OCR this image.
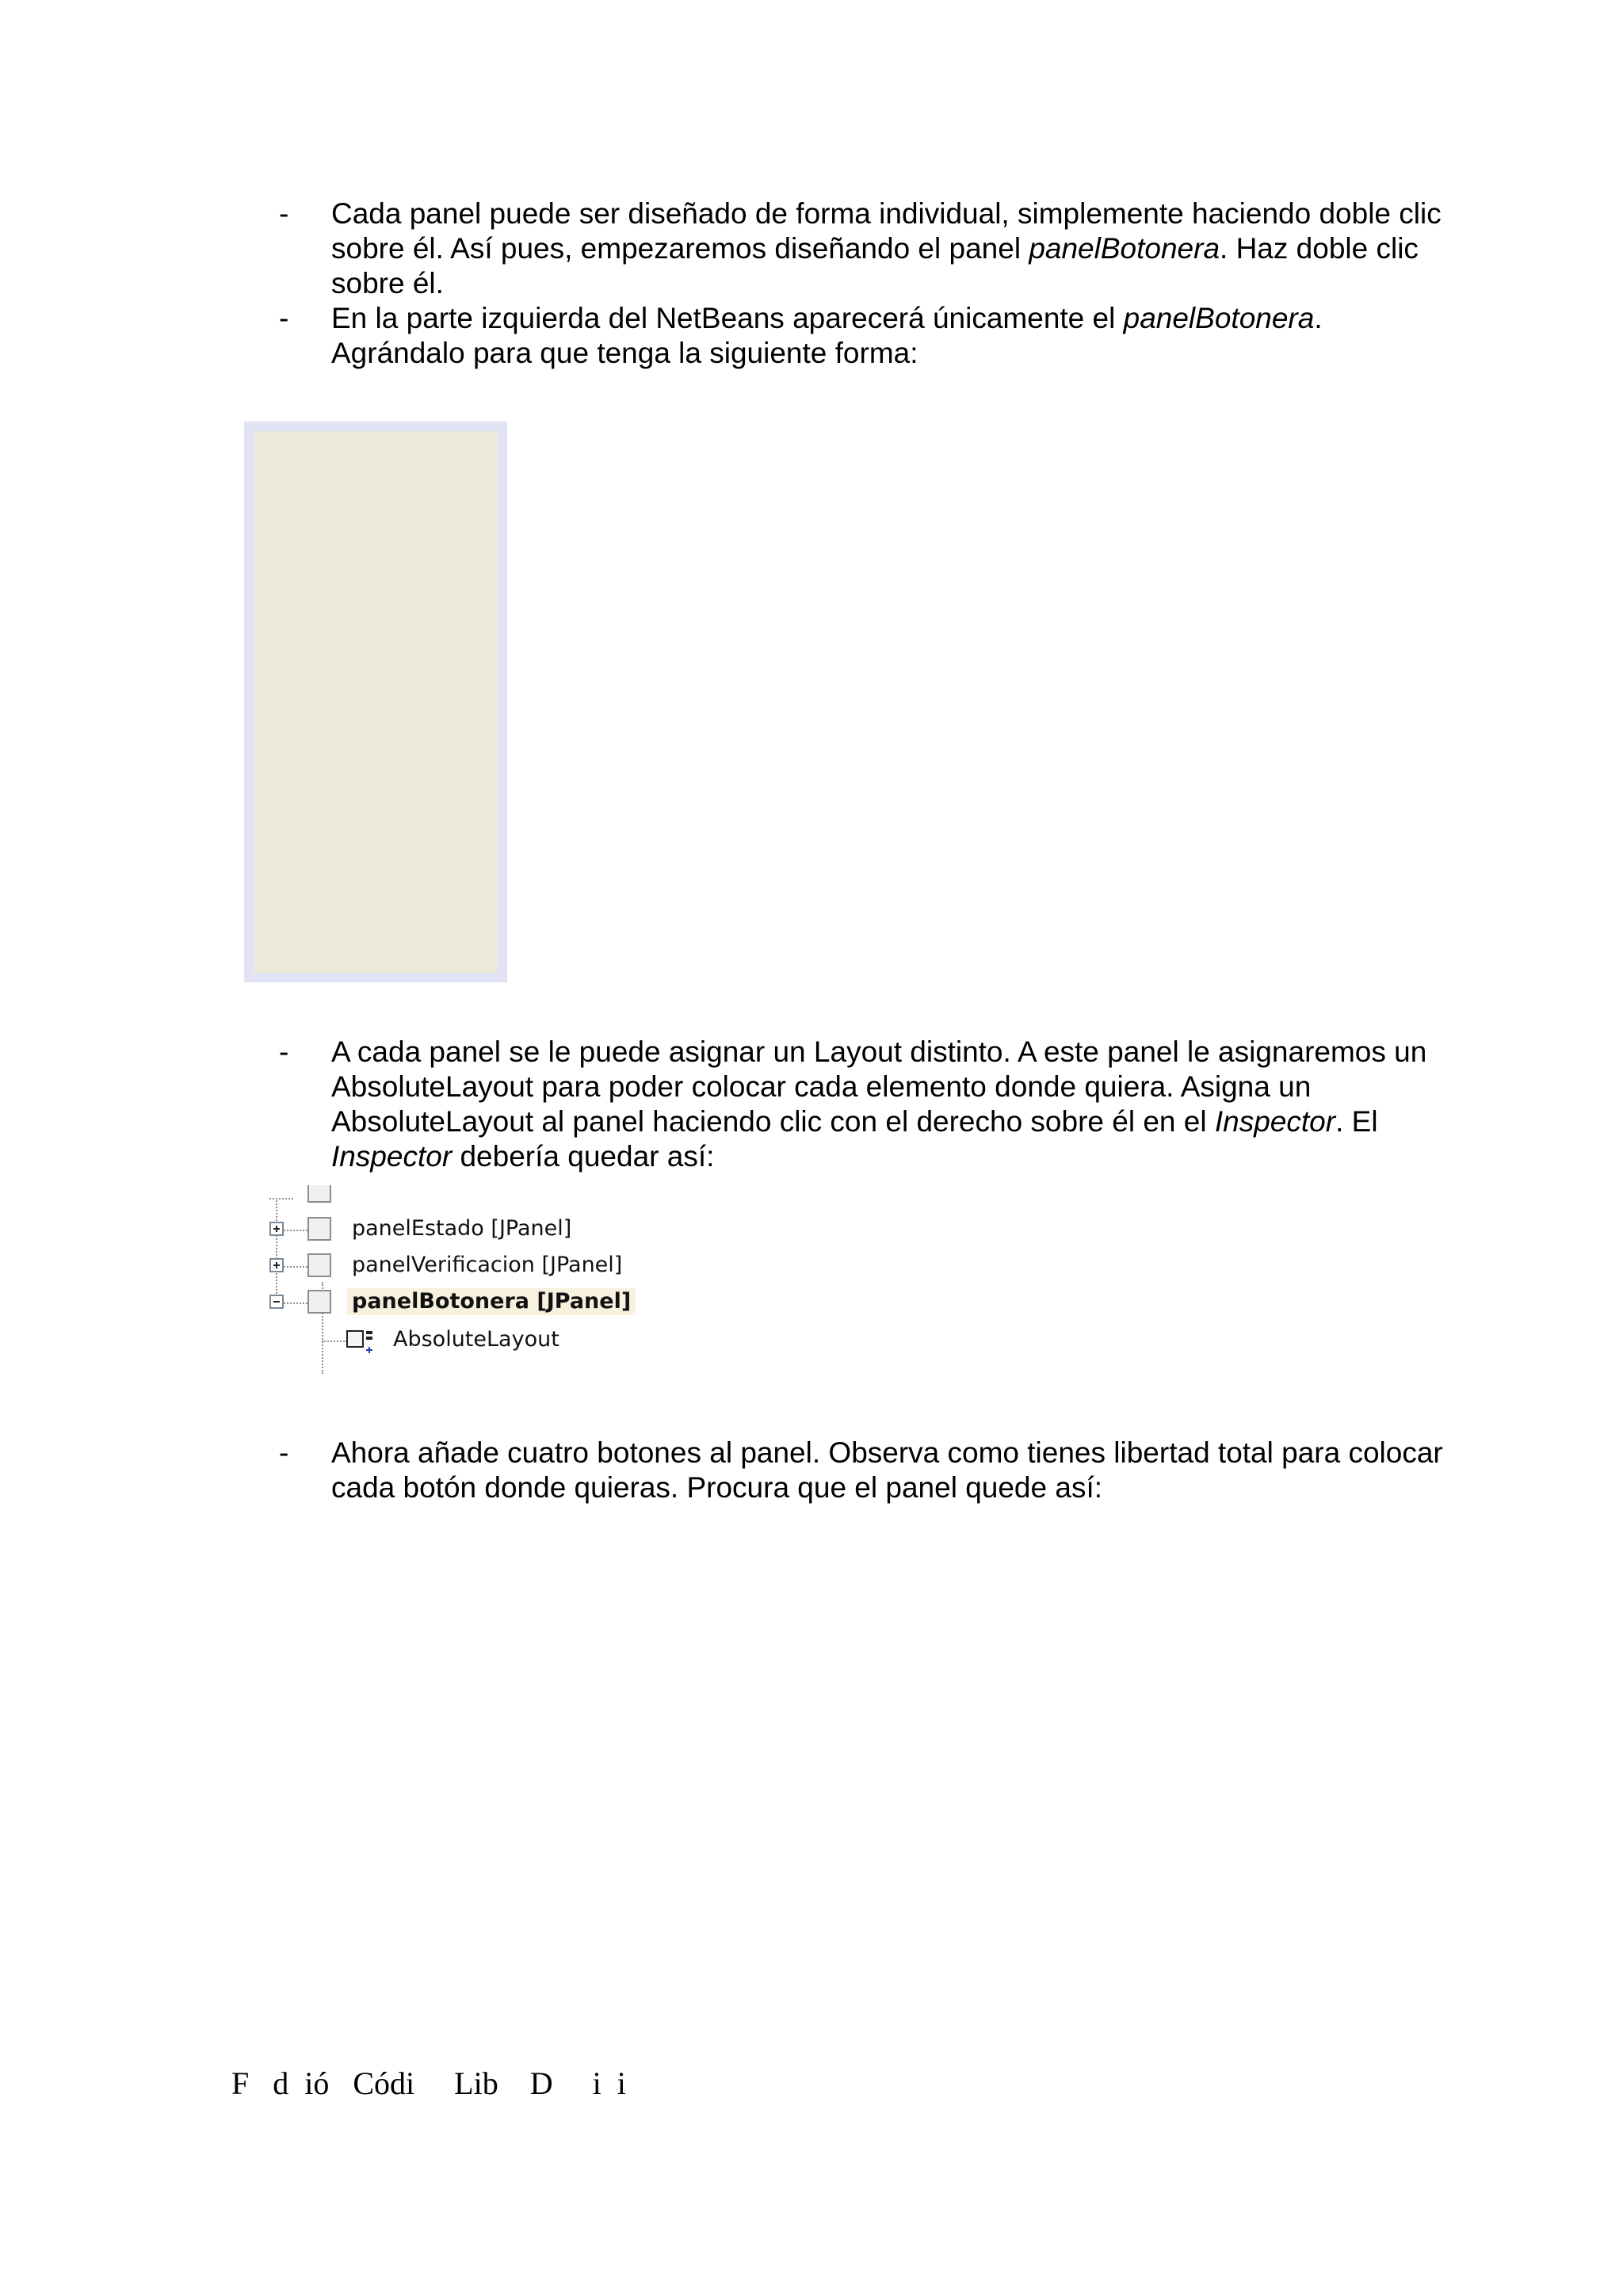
- Cada panel puede ser diseñado de forma individual, simplemente haciendo doble clic
sobre él. Así pues, empezaremos diseñando el panel panelBotonera. Haz doble clic
sobre él.
- En la parte izquierda del NetBeans aparecerá únicamente el panelBotonera.
Agrándalo para que tenga la siguiente forma:
- A cada panel se le puede asignar un Layout distinto. A este panel le asignaremos un
AbsoluteLayout para poder colocar cada elemento donde quiera. Asigna un
AbsoluteLayout al panel haciendo clic con el derecho sobre él en el Inspector. El
Inspector debería quedar así:
panelEstado [JPanel]
panelVerificacion [JPanel]
panelBotonera [JPanel]
AbsoluteLayout
- Ahora añade cuatro botones al panel. Observa como tienes libertad total para colocar
cada botón donde quieras. Procura que el panel quede así:
F   d  ió   Códi     Lib    D     i  i
